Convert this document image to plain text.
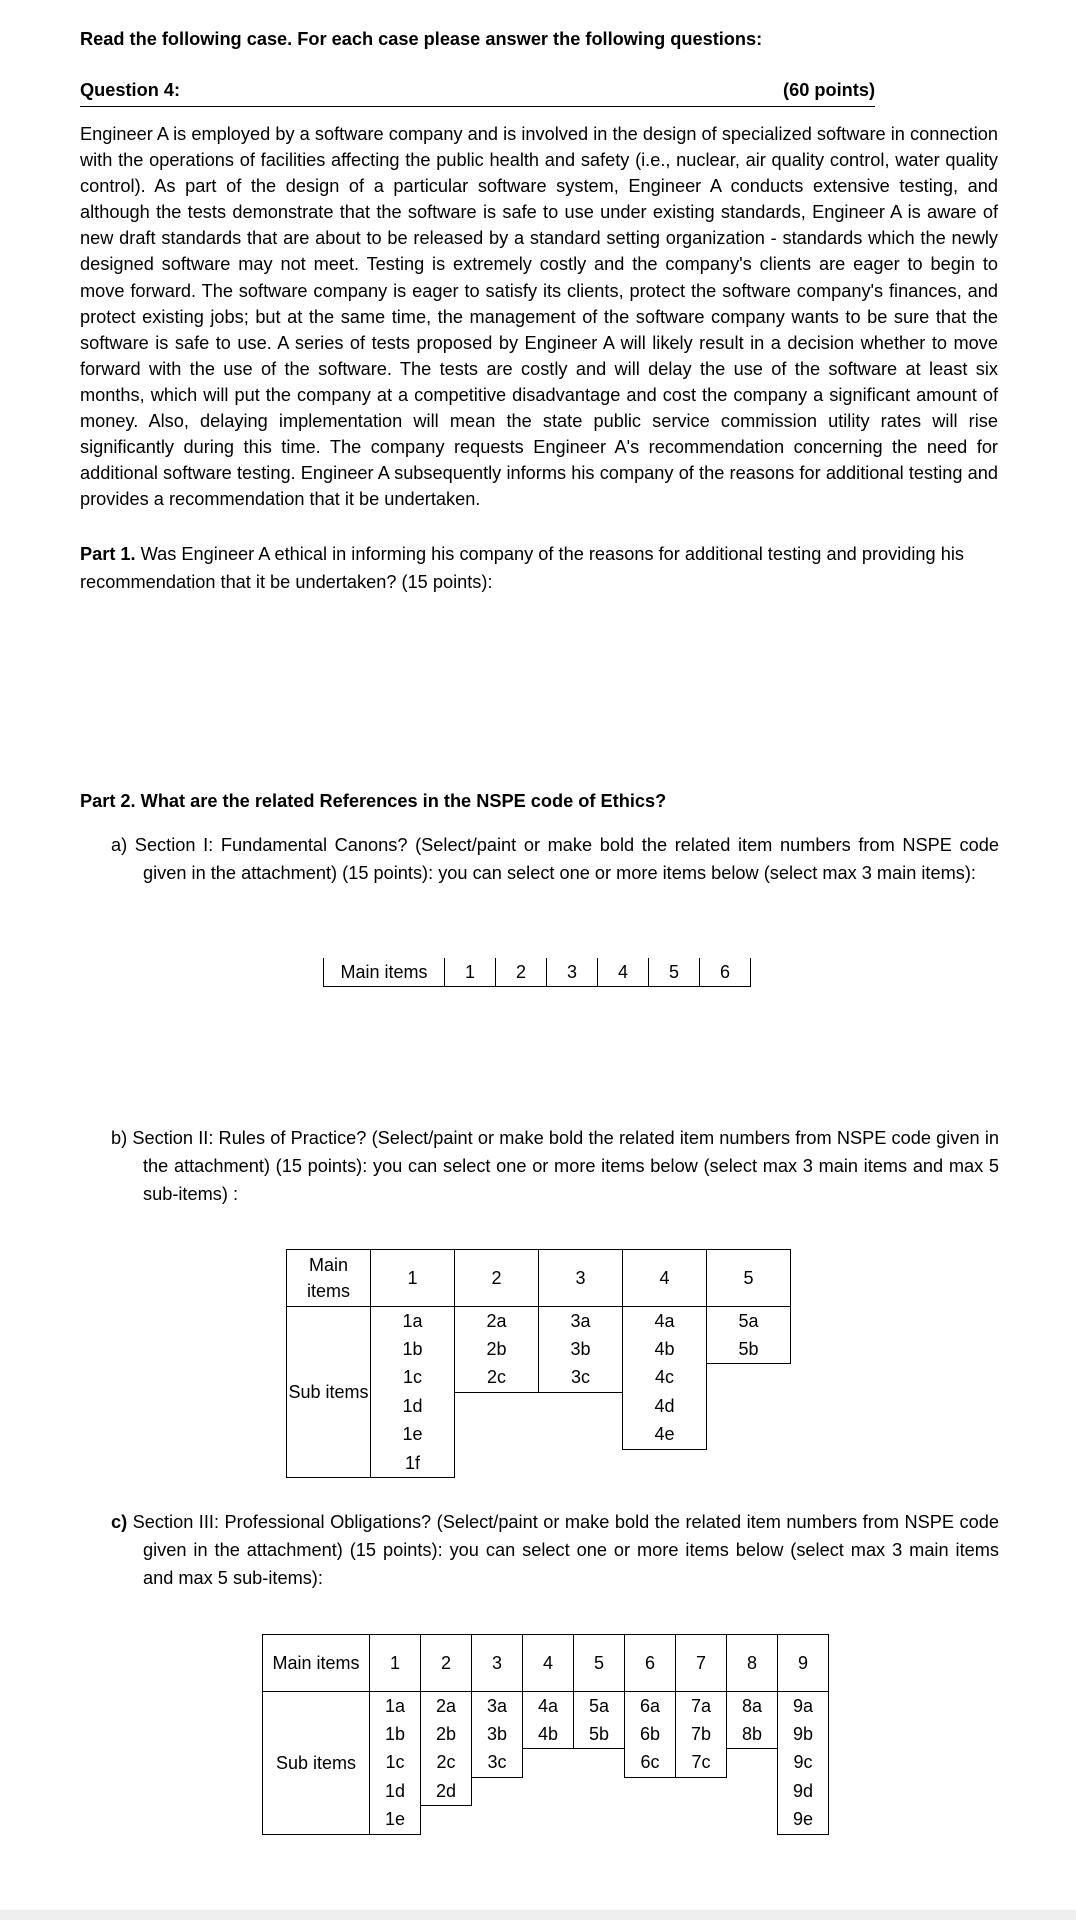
Read the following case. For each case please answer the following questions:
Question 4:	(60 points)
Engineer A is employed by a software company and is involved in the design of specialized software in connection with the operations of facilities affecting the public health and safety (i.e., nuclear, air quality control, water quality control). As part of the design of a particular software system, Engineer A conducts extensive testing, and although the tests demonstrate that the software is safe to use under existing standards, Engineer A is aware of new draft standards that are about to be released by a standard setting organization - standards which the newly designed software may not meet. Testing is extremely costly and the company's clients are eager to begin to move forward. The software company is eager to satisfy its clients, protect the software company's finances, and protect existing jobs; but at the same time, the management of the software company wants to be sure that the software is safe to use. A series of tests proposed by Engineer A will likely result in a decision whether to move forward with the use of the software. The tests are costly and will delay the use of the software at least six months, which will put the company at a competitive disadvantage and cost the company a significant amount of money. Also, delaying implementation will mean the state public service commission utility rates will rise significantly during this time. The company requests Engineer A's recommendation concerning the need for additional software testing. Engineer A subsequently informs his company of the reasons for additional testing and provides a recommendation that it be undertaken.
Part 1. Was Engineer A ethical in informing his company of the reasons for additional testing and providing his recommendation that it be undertaken? (15 points):
Part 2. What are the related References in the NSPE code of Ethics?
a) Section I: Fundamental Canons? (Select/paint or make bold the related item numbers from NSPE code given in the attachment) (15 points): you can select one or more items below (select max 3 main items):
Main items	1	2	3	4	5	6
b) Section II: Rules of Practice? (Select/paint or make bold the related item numbers from NSPE code given in the attachment) (15 points): you can select one or more items below (select max 3 main items and max 5 sub-items) :
Main items	1	2	3	4	5
Sub items	1a	2a	3a	4a	5a
	1b	2b	3b	4b	5b
	1c	2c	3c	4c	
	1d			4d	
	1e			4e	
	1f				
c) Section III: Professional Obligations? (Select/paint or make bold the related item numbers from NSPE code given in the attachment) (15 points): you can select one or more items below (select max 3 main items and max 5 sub-items):
Main items	1	2	3	4	5	6	7	8	9
Sub items	1a	2a	3a	4a	5a	6a	7a	8a	9a
	1b	2b	3b	4b	5b	6b	7b	8b	9b
	1c	2c	3c			6c	7c		9c
	1d	2d							9d
	1e								9e
